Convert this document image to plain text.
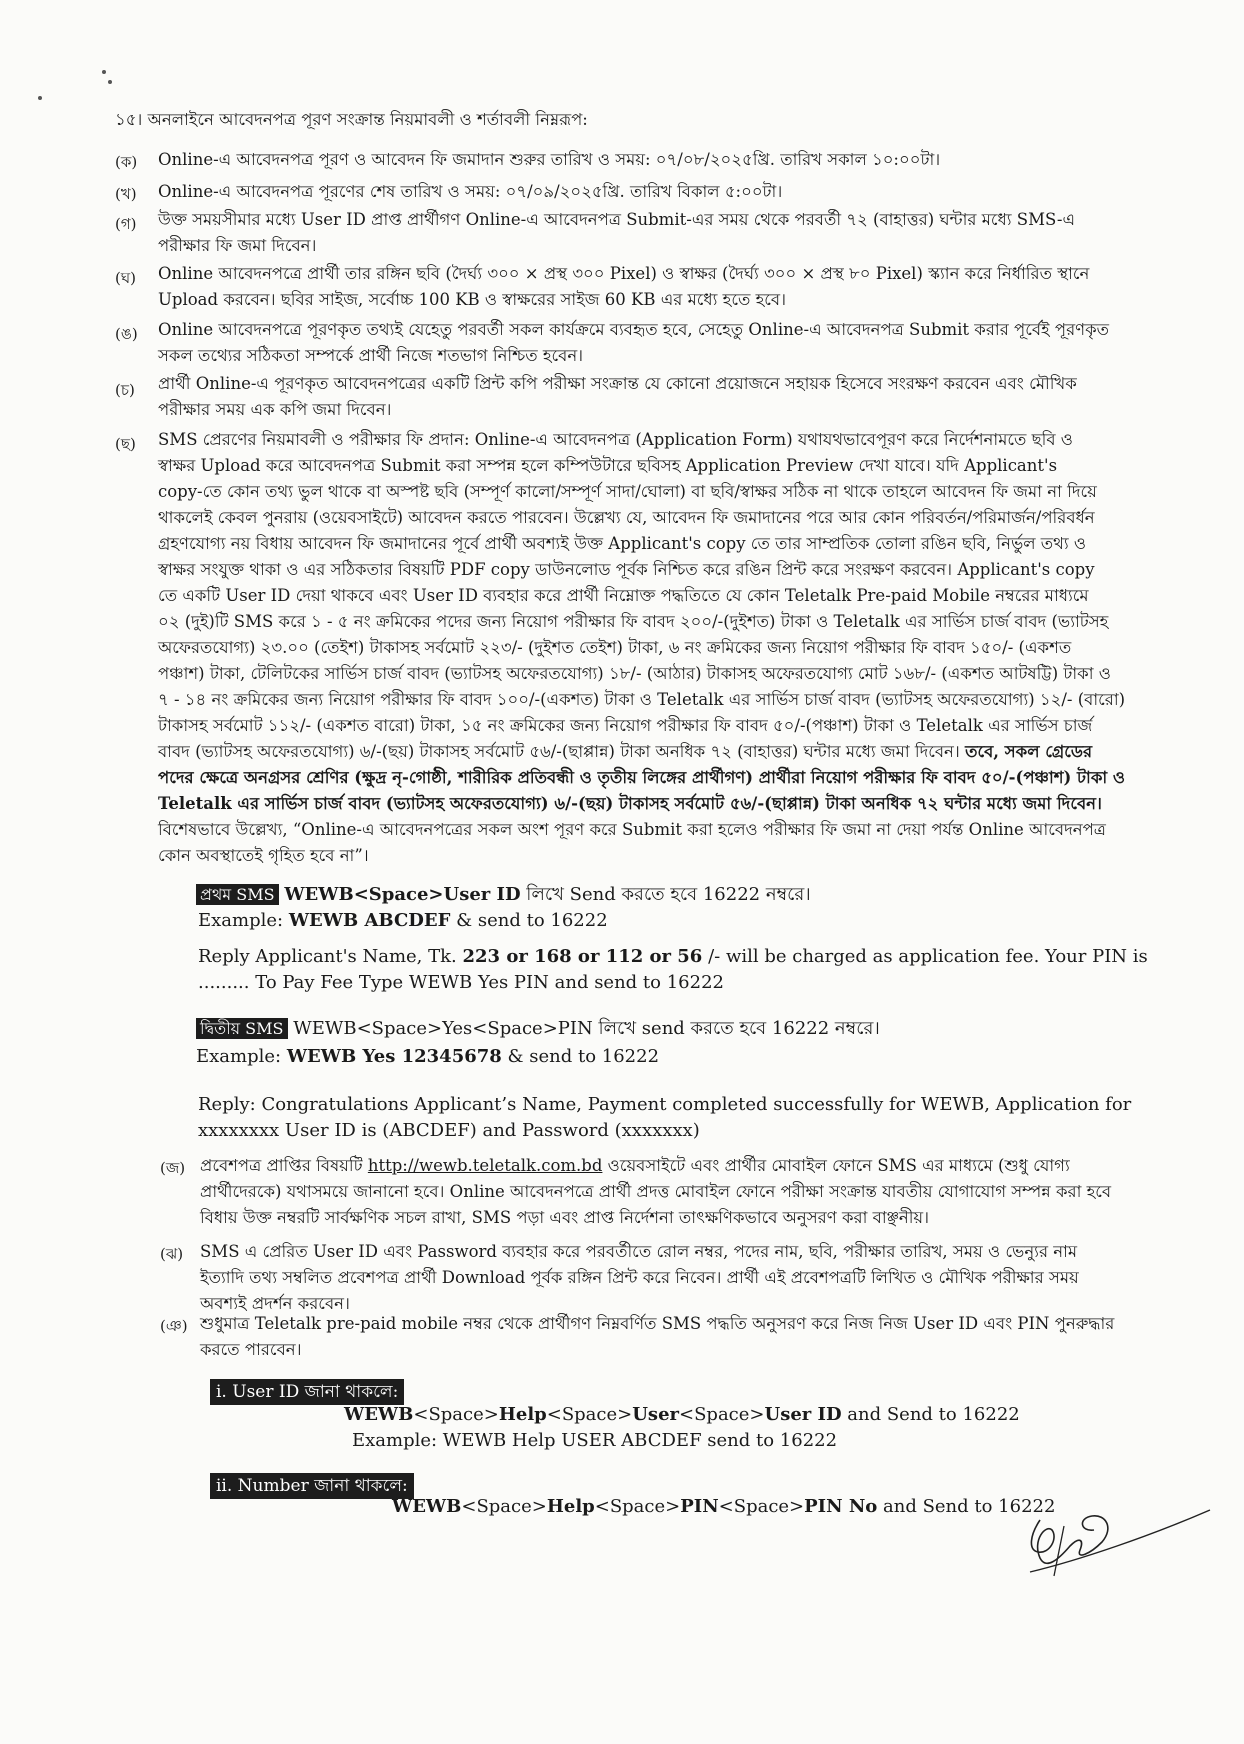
১৫। অনলাইনে আবেদনপত্র পূরণ সংক্রান্ত নিয়মাবলী ও শর্তাবলী নিম্নরূপ:
(ক) Online-এ আবেদনপত্র পূরণ ও আবেদন ফি জমাদান শুরুর তারিখ ও সময়: ০৭/০৮/২০২৫খ্রি. তারিখ সকাল ১০:০০টা।
(খ) Online-এ আবেদনপত্র পূরণের শেষ তারিখ ও সময়: ০৭/০৯/২০২৫খ্রি. তারিখ বিকাল ৫:০০টা।
(গ) উক্ত সময়সীমার মধ্যে User ID প্রাপ্ত প্রার্থীগণ Online-এ আবেদনপত্র Submit-এর সময় থেকে পরবর্তী ৭২ (বাহাত্তর) ঘন্টার মধ্যে SMS-এ
পরীক্ষার ফি জমা দিবেন।
(ঘ) Online আবেদনপত্রে প্রার্থী তার রঙ্গিন ছবি (দৈর্ঘ্য ৩০০ × প্রস্থ ৩০০ Pixel) ও স্বাক্ষর (দৈর্ঘ্য ৩০০ × প্রস্থ ৮০ Pixel) স্ক্যান করে নির্ধারিত স্থানে
Upload করবেন। ছবির সাইজ, সর্বোচ্চ 100 KB ও স্বাক্ষরের সাইজ 60 KB এর মধ্যে হতে হবে।
(ঙ) Online আবেদনপত্রে পূরণকৃত তথ্যই যেহেতু পরবর্তী সকল কার্যক্রমে ব্যবহৃত হবে, সেহেতু Online-এ আবেদনপত্র Submit করার পূর্বেই পূরণকৃত
সকল তথ্যের সঠিকতা সম্পর্কে প্রার্থী নিজে শতভাগ নিশ্চিত হবেন।
(চ) প্রার্থী Online-এ পূরণকৃত আবেদনপত্রের একটি প্রিন্ট কপি পরীক্ষা সংক্রান্ত যে কোনো প্রয়োজনে সহায়ক হিসেবে সংরক্ষণ করবেন এবং মৌখিক
পরীক্ষার সময় এক কপি জমা দিবেন।
(ছ) SMS প্রেরণের নিয়মাবলী ও পরীক্ষার ফি প্রদান: Online-এ আবেদনপত্র (Application Form) যথাযথভাবেপূরণ করে নির্দেশনামতে ছবি ও
স্বাক্ষর Upload করে আবেদনপত্র Submit করা সম্পন্ন হলে কম্পিউটারে ছবিসহ Application Preview দেখা যাবে। যদি Applicant's
copy-তে কোন তথ্য ভুল থাকে বা অস্পষ্ট ছবি (সম্পূর্ণ কালো/সম্পূর্ণ সাদা/ঘোলা) বা ছবি/স্বাক্ষর সঠিক না থাকে তাহলে আবেদন ফি জমা না দিয়ে
থাকলেই কেবল পুনরায় (ওয়েবসাইটে) আবেদন করতে পারবেন। উল্লেখ্য যে, আবেদন ফি জমাদানের পরে আর কোন পরিবর্তন/পরিমার্জন/পরিবর্ধন
গ্রহণযোগ্য নয় বিধায় আবেদন ফি জমাদানের পূর্বে প্রার্থী অবশ্যই উক্ত Applicant's copy তে তার সাম্প্রতিক তোলা রঙিন ছবি, নির্ভুল তথ্য ও
স্বাক্ষর সংযুক্ত থাকা ও এর সঠিকতার বিষয়টি PDF copy ডাউনলোড পূর্বক নিশ্চিত করে রঙিন প্রিন্ট করে সংরক্ষণ করবেন। Applicant's copy
তে একটি User ID দেয়া থাকবে এবং User ID ব্যবহার করে প্রার্থী নিম্নোক্ত পদ্ধতিতে যে কোন Teletalk Pre-paid Mobile নম্বরের মাধ্যমে
০২ (দুই)টি SMS করে ১ - ৫ নং ক্রমিকের পদের জন্য নিয়োগ পরীক্ষার ফি বাবদ ২০০/-(দুইশত) টাকা ও Teletalk এর সার্ভিস চার্জ বাবদ (ভ্যাটসহ
অফেরতযোগ্য) ২৩.০০ (তেইশ) টাকাসহ সর্বমোট ২২৩/- (দুইশত তেইশ) টাকা, ৬ নং ক্রমিকের জন্য নিয়োগ পরীক্ষার ফি বাবদ ১৫০/- (একশত
পঞ্চাশ) টাকা, টেলিটকের সার্ভিস চার্জ বাবদ (ভ্যাটসহ অফেরতযোগ্য) ১৮/- (আঠার) টাকাসহ অফেরতযোগ্য মোট ১৬৮/- (একশত আটষট্টি) টাকা ও
৭ - ১৪ নং ক্রমিকের জন্য নিয়োগ পরীক্ষার ফি বাবদ ১০০/-(একশত) টাকা ও Teletalk এর সার্ভিস চার্জ বাবদ (ভ্যাটসহ অফেরতযোগ্য) ১২/- (বারো)
টাকাসহ সর্বমোট ১১২/- (একশত বারো) টাকা, ১৫ নং ক্রমিকের জন্য নিয়োগ পরীক্ষার ফি বাবদ ৫০/-(পঞ্চাশ) টাকা ও Teletalk এর সার্ভিস চার্জ
বাবদ (ভ্যাটসহ অফেরতযোগ্য) ৬/-(ছয়) টাকাসহ সর্বমোট ৫৬/-(ছাপ্পান্ন) টাকা অনধিক ৭২ (বাহাত্তর) ঘন্টার মধ্যে জমা দিবেন। তবে, সকল গ্রেডের
পদের ক্ষেত্রে অনগ্রসর শ্রেণির (ক্ষুদ্র নৃ-গোষ্ঠী, শারীরিক প্রতিবন্ধী ও তৃতীয় লিঙ্গের প্রার্থীগণ) প্রার্থীরা নিয়োগ পরীক্ষার ফি বাবদ ৫০/-(পঞ্চাশ) টাকা ও
Teletalk এর সার্ভিস চার্জ বাবদ (ভ্যাটসহ অফেরতযোগ্য) ৬/-(ছয়) টাকাসহ সর্বমোট ৫৬/-(ছাপ্পান্ন) টাকা অনধিক ৭২ ঘন্টার মধ্যে জমা দিবেন।
বিশেষভাবে উল্লেখ্য, “Online-এ আবেদনপত্রের সকল অংশ পূরণ করে Submit করা হলেও পরীক্ষার ফি জমা না দেয়া পর্যন্ত Online আবেদনপত্র
কোন অবস্থাতেই গৃহিত হবে না”।
প্রথম SMS WEWB<Space>User ID লিখে Send করতে হবে 16222 নম্বরে।
Example: WEWB ABCDEF & send to 16222
Reply Applicant's Name, Tk. 223 or 168 or 112 or 56 /- will be charged as application fee. Your PIN is
......... To Pay Fee Type WEWB Yes PIN and send to 16222
দ্বিতীয় SMS WEWB<Space>Yes<Space>PIN লিখে send করতে হবে 16222 নম্বরে।
Example: WEWB Yes 12345678 & send to 16222
Reply: Congratulations Applicant’s Name, Payment completed successfully for WEWB, Application for
xxxxxxxx User ID is (ABCDEF) and Password (xxxxxxx)
(জ) প্রবেশপত্র প্রাপ্তির বিষয়টি http://wewb.teletalk.com.bd ওয়েবসাইটে এবং প্রার্থীর মোবাইল ফোনে SMS এর মাধ্যমে (শুধু যোগ্য
প্রার্থীদেরকে) যথাসময়ে জানানো হবে। Online আবেদনপত্রে প্রার্থী প্রদত্ত মোবাইল ফোনে পরীক্ষা সংক্রান্ত যাবতীয় যোগাযোগ সম্পন্ন করা হবে
বিধায় উক্ত নম্বরটি সার্বক্ষণিক সচল রাখা, SMS পড়া এবং প্রাপ্ত নির্দেশনা তাৎক্ষণিকভাবে অনুসরণ করা বাঞ্ছনীয়।
(ঝ) SMS এ প্রেরিত User ID এবং Password ব্যবহার করে পরবর্তীতে রোল নম্বর, পদের নাম, ছবি, পরীক্ষার তারিখ, সময় ও ভেন্যুর নাম
ইত্যাদি তথ্য সম্বলিত প্রবেশপত্র প্রার্থী Download পূর্বক রঙ্গিন প্রিন্ট করে নিবেন। প্রার্থী এই প্রবেশপত্রটি লিখিত ও মৌখিক পরীক্ষার সময়
অবশ্যই প্রদর্শন করবেন।
(ঞ) শুধুমাত্র Teletalk pre-paid mobile নম্বর থেকে প্রার্থীগণ নিম্নবর্ণিত SMS পদ্ধতি অনুসরণ করে নিজ নিজ User ID এবং PIN পুনরুদ্ধার
করতে পারবেন।
i. User ID জানা থাকলে:
WEWB<Space>Help<Space>User<Space>User ID and Send to 16222
Example: WEWB Help USER ABCDEF send to 16222
ii. Number জানা থাকলে:
WEWB<Space>Help<Space>PIN<Space>PIN No and Send to 16222
